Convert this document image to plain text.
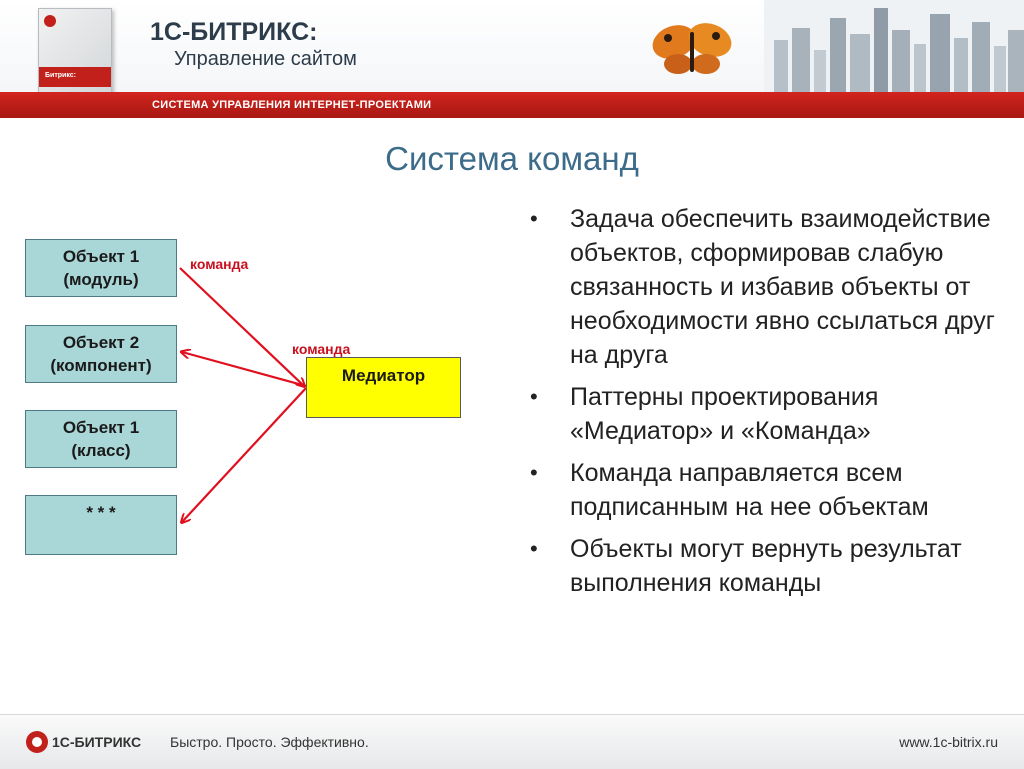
Битрикс:
1С-БИТРИКС:
Управление сайтом
СИСТЕМА УПРАВЛЕНИЯ ИНТЕРНЕТ-ПРОЕКТАМИ
Система команд
Объект 1
(модуль)
Объект 2
(компонент)
Объект 1
(класс)
* * *
Медиатор
команда
команда
• Задача обеспечить взаимодействие объектов, сформировав слабую связанность и избавив объекты от необходимости явно ссылаться друг на друга
• Паттерны проектирования «Медиатор» и «Команда»
• Команда направляется всем подписанным на нее объектам
• Объекты могут вернуть результат выполнения команды
1С-БИТРИКС Быстро. Просто. Эффективно.	www.1c-bitrix.ru
